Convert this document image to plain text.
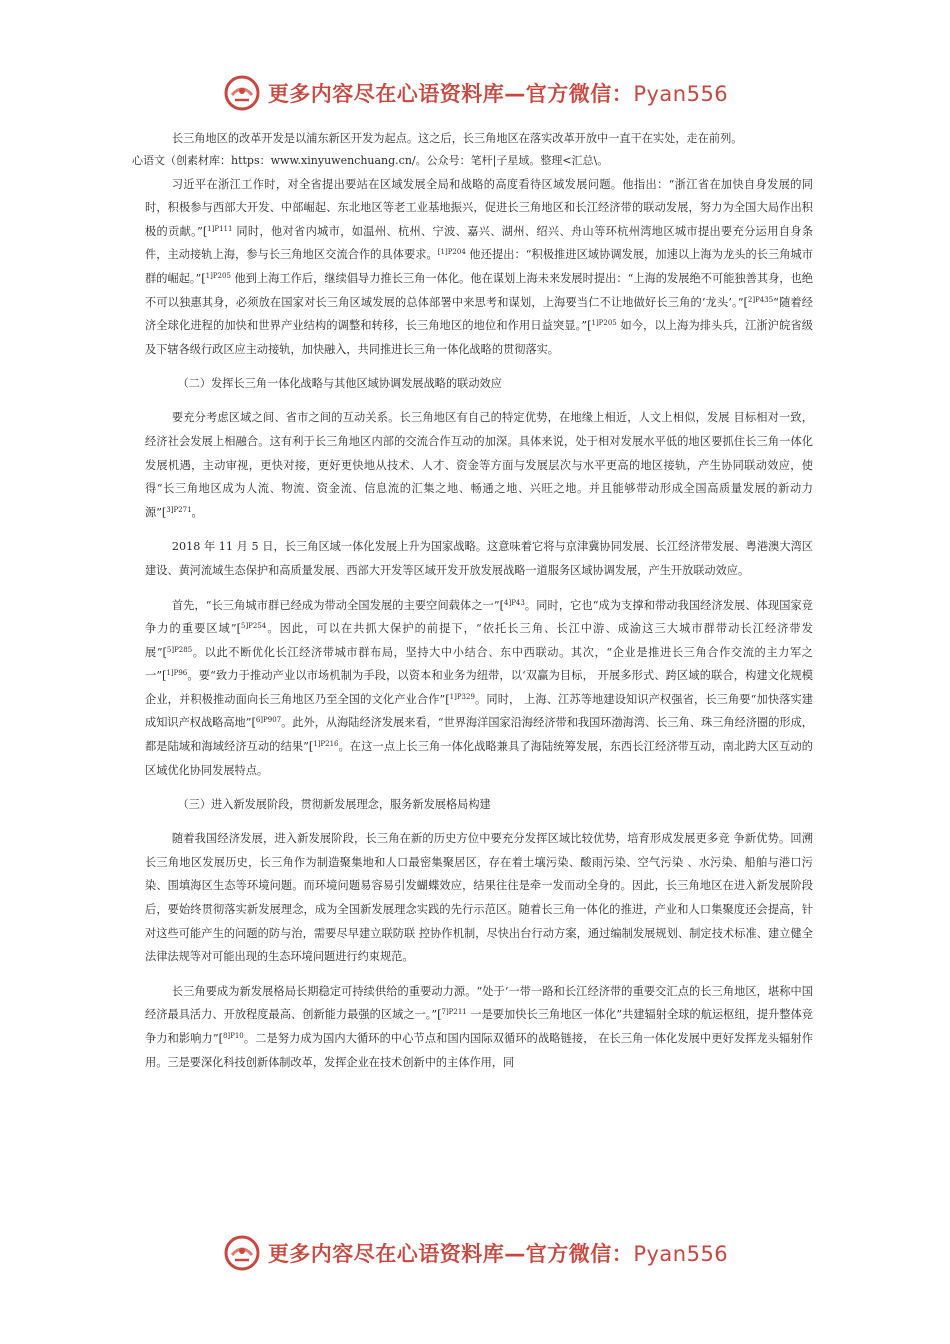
更多内容尽在心语资料库—官方微信：Pyan556

长三角地区的改革开发是以浦东新区开发为起点。这之后，长三角地区在落实改革开放中一直干在实处，走在前列。

心语文（创素材库：https：www.xinyuwenchuang.cn/。公众号：笔杆|子星域。整理<汇总\。

习近平在浙江工作时，对全省提出要站在区域发展全局和战略的高度看待区域发展问题。他指出：“浙江省在加快自身发展的同时，积极参与西部大开发、中部崛起、东北地区等老工业基地振兴，促进长三角地区和长江经济带的联动发展，努力为全国大局作出积极的贡献。”[$^{1]P111}$ 同时，他对省内城市，如温州、杭州、宁波、嘉兴、湖州、绍兴、舟山等环杭州湾地区城市提出要充分运用自身条件，主动接轨上海，参与长三角地区交流合作的具体要求。$^{[1]P204}$ 他还提出：“积极推进区域协调发展，加速以上海为龙头的长三角城市群的崛起。”[$^{1]P205}$ 他到上海工作后，继续倡导力推长三角一体化。他在谋划上海未来发展时提出：“上海的发展绝不可能独善其身，也绝不可以独惠其身，必须放在国家对长三角区域发展的总体部署中来思考和谋划，上海要当仁不让地做好长三角的‘龙头’。”[$^{2]P435}$“随着经济全球化进程的加快和世界产业结构的调整和转移，长三角地区的地位和作用日益突显。”[$^{1]P205}$ 如今，以上海为排头兵，江浙沪皖省级及下辖各级行政区应主动接轨，加快融入，共同推进长三角一体化战略的贯彻落实。

（二）发挥长三角一体化战略与其他区域协调发展战略的联动效应

要充分考虑区域之间、省市之间的互动关系。长三角地区有自己的特定优势，在地缘上相近，人文上相似，发展 目标相对一致，经济社会发展上相融合。这有利于长三角地区内部的交流合作互动的加深。具体来说，处于相对发展水平低的地区要抓住长三角一体化发展机遇，主动审视，更快对接，更好更快地从技术、人才、资金等方面与发展层次与水平更高的地区接轨，产生协同联动效应，使得“长三角地区成为人流、物流、资金流、信息流的汇集之地、畅通之地、兴旺之地。并且能够带动形成全国高质量发展的新动力源”[$^{3]P271}$。

2018 年 11 月 5 日，长三角区域一体化发展上升为国家战略。这意味着它将与京津冀协同发展、长江经济带发展、粤港澳大湾区建设、黄河流域生态保护和高质量发展、西部大开发等区域开发开放发展战略一道服务区域协调发展，产生开放联动效应。

首先，“长三角城市群已经成为带动全国发展的主要空间载体之一”[$^{4]P43}$。同时，它也“成为支撑和带动我国经济发展、体现国家竞争力的重要区域”[$^{5]P254}$。因此，可以在共抓大保护的前提下，“依托长三角、长江中游、成渝这三大城市群带动长江经济带发展”[$^{5]P285}$。以此不断优化长江经济带城市群布局，坚持大中小结合、东中西联动。其次，“企业是推进长三角合作交流的主力军之一”[$^{1]P96}$。要“致力于推动产业以市场机制为手段，以资本和业务为纽带，以‘双赢为目标， 开展多形式、跨区域的联合，构建文化规模企业，并积极推动面向长三角地区乃至全国的文化产业合作”[$^{1]P329}$。同时， 上海、江苏等地建设知识产权强省，长三角要“加快落实建成知识产权战略高地”[$^{6]P907}$。此外，从海陆经济发展来看，“世界海洋国家沿海经济带和我国环渤海湾、长三角、珠三角经济圈的形成，都是陆域和海域经济互动的结果”[$^{1]P216}$。在这一点上长三角一体化战略兼具了海陆统筹发展，东西长江经济带互动，南北跨大区互动的区域优化协同发展特点。

（三）进入新发展阶段，贯彻新发展理念，服务新发展格局构建

随着我国经济发展，进入新发展阶段，长三角在新的历史方位中要充分发挥区域比较优势，培育形成发展更多竞 争新优势。回溯长三角地区发展历史，长三角作为制造聚集地和人口最密集聚居区，存在着土壤污染、酸雨污染、空气污染 、水污染、船舶与港口污染、围填海区生态等环境问题。而环境问题易容易引发蝴蝶效应，结果往往是牵一发而动全身的。因此，长三角地区在进入新发展阶段后，要始终贯彻落实新发展理念，成为全国新发展理念实践的先行示范区。随着长三角一体化的推进，产业和人口集聚度还会提高，针对这些可能产生的问题的防与治，需要尽早建立联防联 控协作机制，尽快出台行动方案，通过编制发展规划、制定技术标准、建立健全法律法规等对可能出现的生态环境问题进行约束规范。

长三角要成为新发展格局长期稳定可持续供给的重要动力源。“处于‘一带一路和长江经济带的重要交汇点的长三角地区，堪称中国经济最具活力、开放程度最高、创新能力最强的区域之一。”[$^{7]P211}$ 一是要加快长三角地区一体化”共建辐射全球的航运枢纽，提升整体竞争力和影响力”[$^{8]P10}$。二是努力成为国内大循环的中心节点和国内国际双循环的战略链接， 在长三角一体化发展中更好发挥龙头辐射作用。三是要深化科技创新体制改革，发挥企业在技术创新中的主体作用，同

更多内容尽在心语资料库—官方微信：Pyan556
